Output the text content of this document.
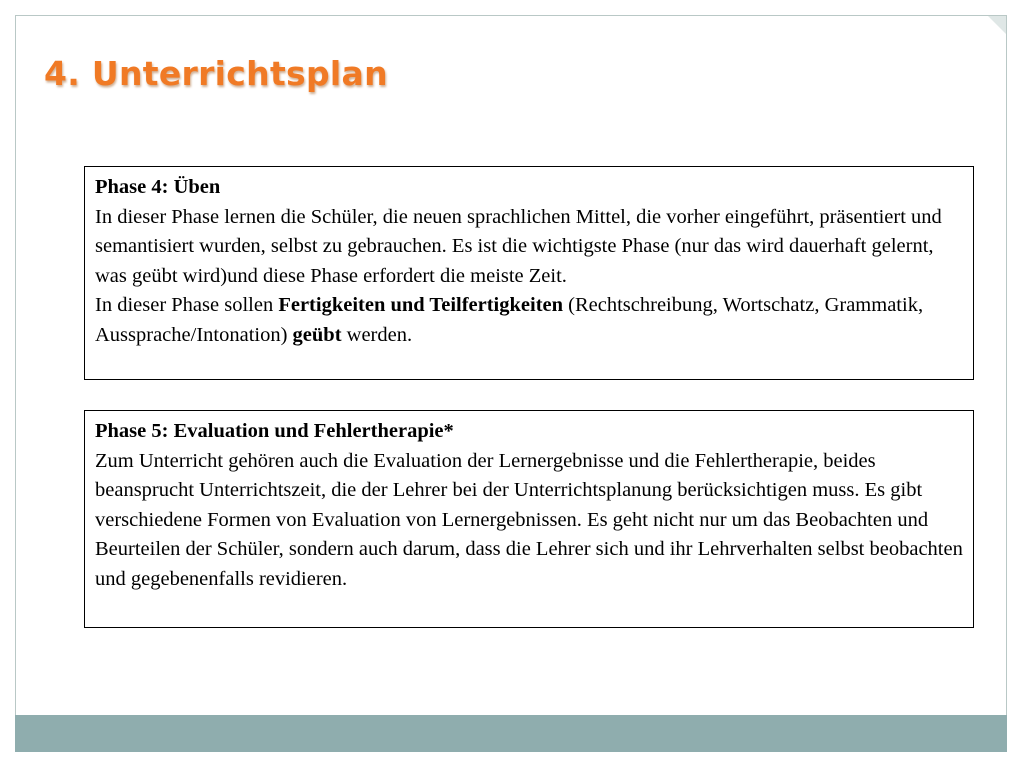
4. Unterrichtsplan
Phase 4: Üben
In dieser Phase lernen die Schüler, die neuen sprachlichen Mittel, die vorher eingeführt, präsentiert und semantisiert wurden, selbst zu gebrauchen. Es ist die wichtigste Phase (nur das wird dauerhaft gelernt, was geübt wird)und diese Phase erfordert die meiste Zeit.
In dieser Phase sollen Fertigkeiten und Teilfertigkeiten (Rechtschreibung, Wortschatz, Grammatik, Aussprache/Intonation) geübt werden.
Phase 5: Evaluation und Fehlertherapie*
Zum Unterricht gehören auch die Evaluation der Lernergebnisse und die Fehlertherapie, beides beansprucht Unterrichtszeit, die der Lehrer bei der Unterrichtsplanung berücksichtigen muss. Es gibt verschiedene Formen von Evaluation von Lernergebnissen. Es geht nicht nur um das Beobachten und Beurteilen der Schüler, sondern auch darum, dass die Lehrer sich und ihr Lehrverhalten selbst beobachten und gegebenenfalls revidieren.
